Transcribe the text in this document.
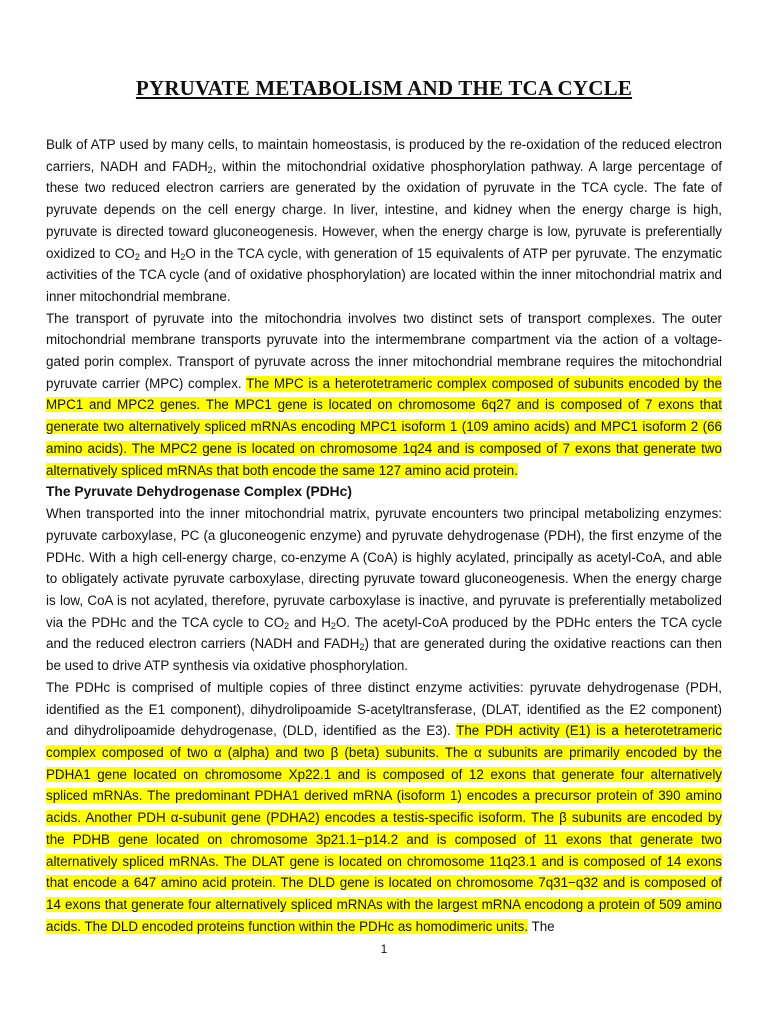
PYRUVATE METABOLISM AND THE TCA CYCLE

Bulk of ATP used by many cells, to maintain homeostasis, is produced by the re-oxidation of the reduced electron carriers, NADH and $FADH_2$, within the mitochondrial oxidative phosphorylation pathway. A large percentage of these two reduced electron carriers are generated by the oxidation of pyruvate in the TCA cycle. The fate of pyruvate depends on the cell energy charge. In liver, intestine, and kidney when the energy charge is high, pyruvate is directed toward gluconeogenesis. However, when the energy charge is low, pyruvate is preferentially oxidized to $CO_2$ and $H_2O$ in the TCA cycle, with generation of 15 equivalents of ATP per pyruvate. The enzymatic activities of the TCA cycle (and of oxidative phosphorylation) are located within the inner mitochondrial matrix and inner mitochondrial membrane.

The transport of pyruvate into the mitochondria involves two distinct sets of transport complexes. The outer mitochondrial membrane transports pyruvate into the intermembrane compartment via the action of a voltage-gated porin complex. Transport of pyruvate across the inner mitochondrial membrane requires the mitochondrial pyruvate carrier (MPC) complex. The MPC is a heterotetrameric complex composed of subunits encoded by the MPC1 and MPC2 genes. The MPC1 gene is located on chromosome 6q27 and is composed of 7 exons that generate two alternatively spliced mRNAs encoding MPC1 isoform 1 (109 amino acids) and MPC1 isoform 2 (66 amino acids). The MPC2 gene is located on chromosome 1q24 and is composed of 7 exons that generate two alternatively spliced mRNAs that both encode the same 127 amino acid protein.

The Pyruvate Dehydrogenase Complex (PDHc)

When transported into the inner mitochondrial matrix, pyruvate encounters two principal metabolizing enzymes: pyruvate carboxylase, PC (a gluconeogenic enzyme) and pyruvate dehydrogenase (PDH), the first enzyme of the PDHc. With a high cell-energy charge, co-enzyme A (CoA) is highly acylated, principally as acetyl-CoA, and able to obligately activate pyruvate carboxylase, directing pyruvate toward gluconeogenesis. When the energy charge is low, CoA is not acylated, therefore, pyruvate carboxylase is inactive, and pyruvate is preferentially metabolized via the PDHc and the TCA cycle to $CO_2$ and $H_2O$. The acetyl-CoA produced by the PDHc enters the TCA cycle and the reduced electron carriers (NADH and $FADH_2$) that are generated during the oxidative reactions can then be used to drive ATP synthesis via oxidative phosphorylation.

The PDHc is comprised of multiple copies of three distinct enzyme activities: pyruvate dehydrogenase (PDH, identified as the E1 component), dihydrolipoamide S-acetyltransferase, (DLAT, identified as the E2 component) and dihydrolipoamide dehydrogenase, (DLD, identified as the E3). The PDH activity (E1) is a heterotetrameric complex composed of two α (alpha) and two β (beta) subunits. The α subunits are primarily encoded by the PDHA1 gene located on chromosome Xp22.1 and is composed of 12 exons that generate four alternatively spliced mRNAs. The predominant PDHA1 derived mRNA (isoform 1) encodes a precursor protein of 390 amino acids. Another PDH α-subunit gene (PDHA2) encodes a testis-specific isoform. The β subunits are encoded by the PDHB gene located on chromosome 3p21.1−p14.2 and is composed of 11 exons that generate two alternatively spliced mRNAs. The DLAT gene is located on chromosome 11q23.1 and is composed of 14 exons that encode a 647 amino acid protein. The DLD gene is located on chromosome 7q31−q32 and is composed of 14 exons that generate four alternatively spliced mRNAs with the largest mRNA encodong a protein of 509 amino acids. The DLD encoded proteins function within the PDHc as homodimeric units. The

1
